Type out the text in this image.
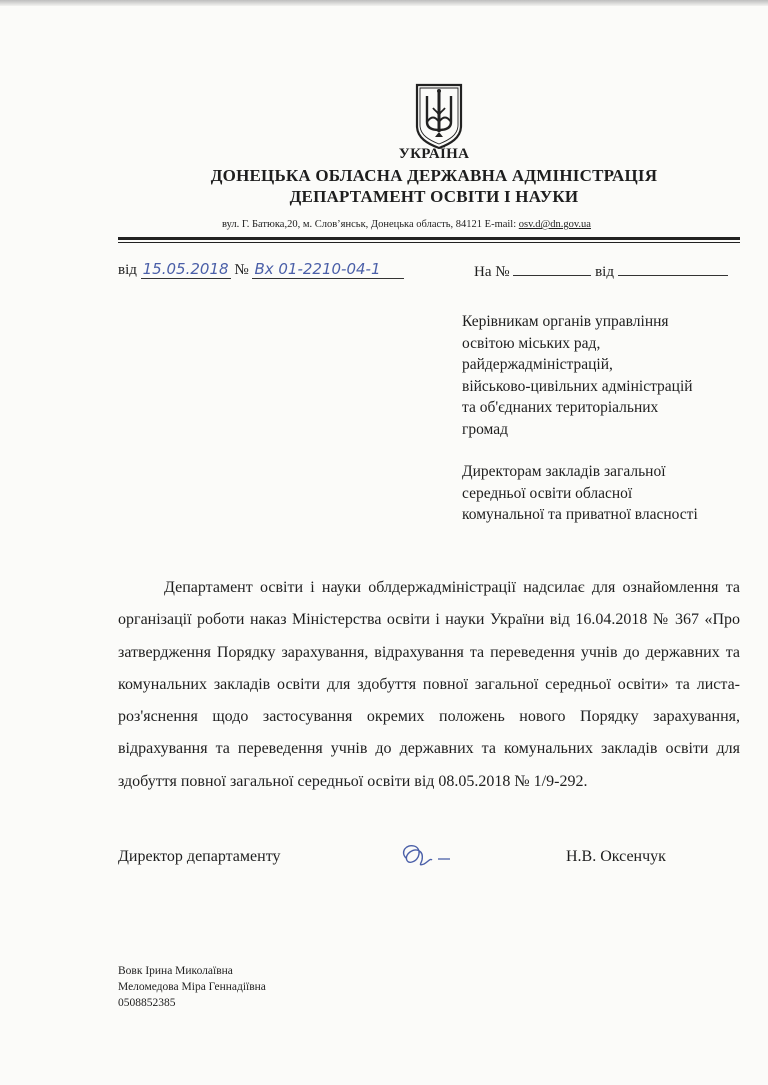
УКРАЇНА
ДОНЕЦЬКА ОБЛАСНА ДЕРЖАВНА АДМІНІСТРАЦІЯ
ДЕПАРТАМЕНТ ОСВІТИ І НАУКИ
вул. Г. Батюка,20, м. Слов’янськ, Донецька область, 84121 E-mail: osv.d@dn.gov.ua
від 15.05.2018 № Вх 01-2210-04-1	На №	від

Керівникам органів управління

освітою міських рад,

райдержадміністрацій,

військово-цивільних адміністрацій

та об'єднаних територіальних

громад

Директорам закладів загальної

середньої освіти обласної

комунальної та приватної власності

Департамент освіти і науки облдержадміністрації надсилає для ознайомлення та організації роботи наказ Міністерства освіти і науки України від 16.04.2018 № 367 «Про затвердження Порядку зарахування, відрахування та переведення учнів до державних та комунальних закладів освіти для здобуття повної загальної середньої освіти» та листа-роз'яснення щодо застосування окремих положень нового Порядку зарахування, відрахування та переведення учнів до державних та комунальних закладів освіти для здобуття повної загальної середньої освіти від 08.05.2018 № 1/9-292.

Директор департаменту	Н.В. Оксенчук
Вовк Ірина Миколаївна
Меломедова Міра Геннадіївна
0508852385
